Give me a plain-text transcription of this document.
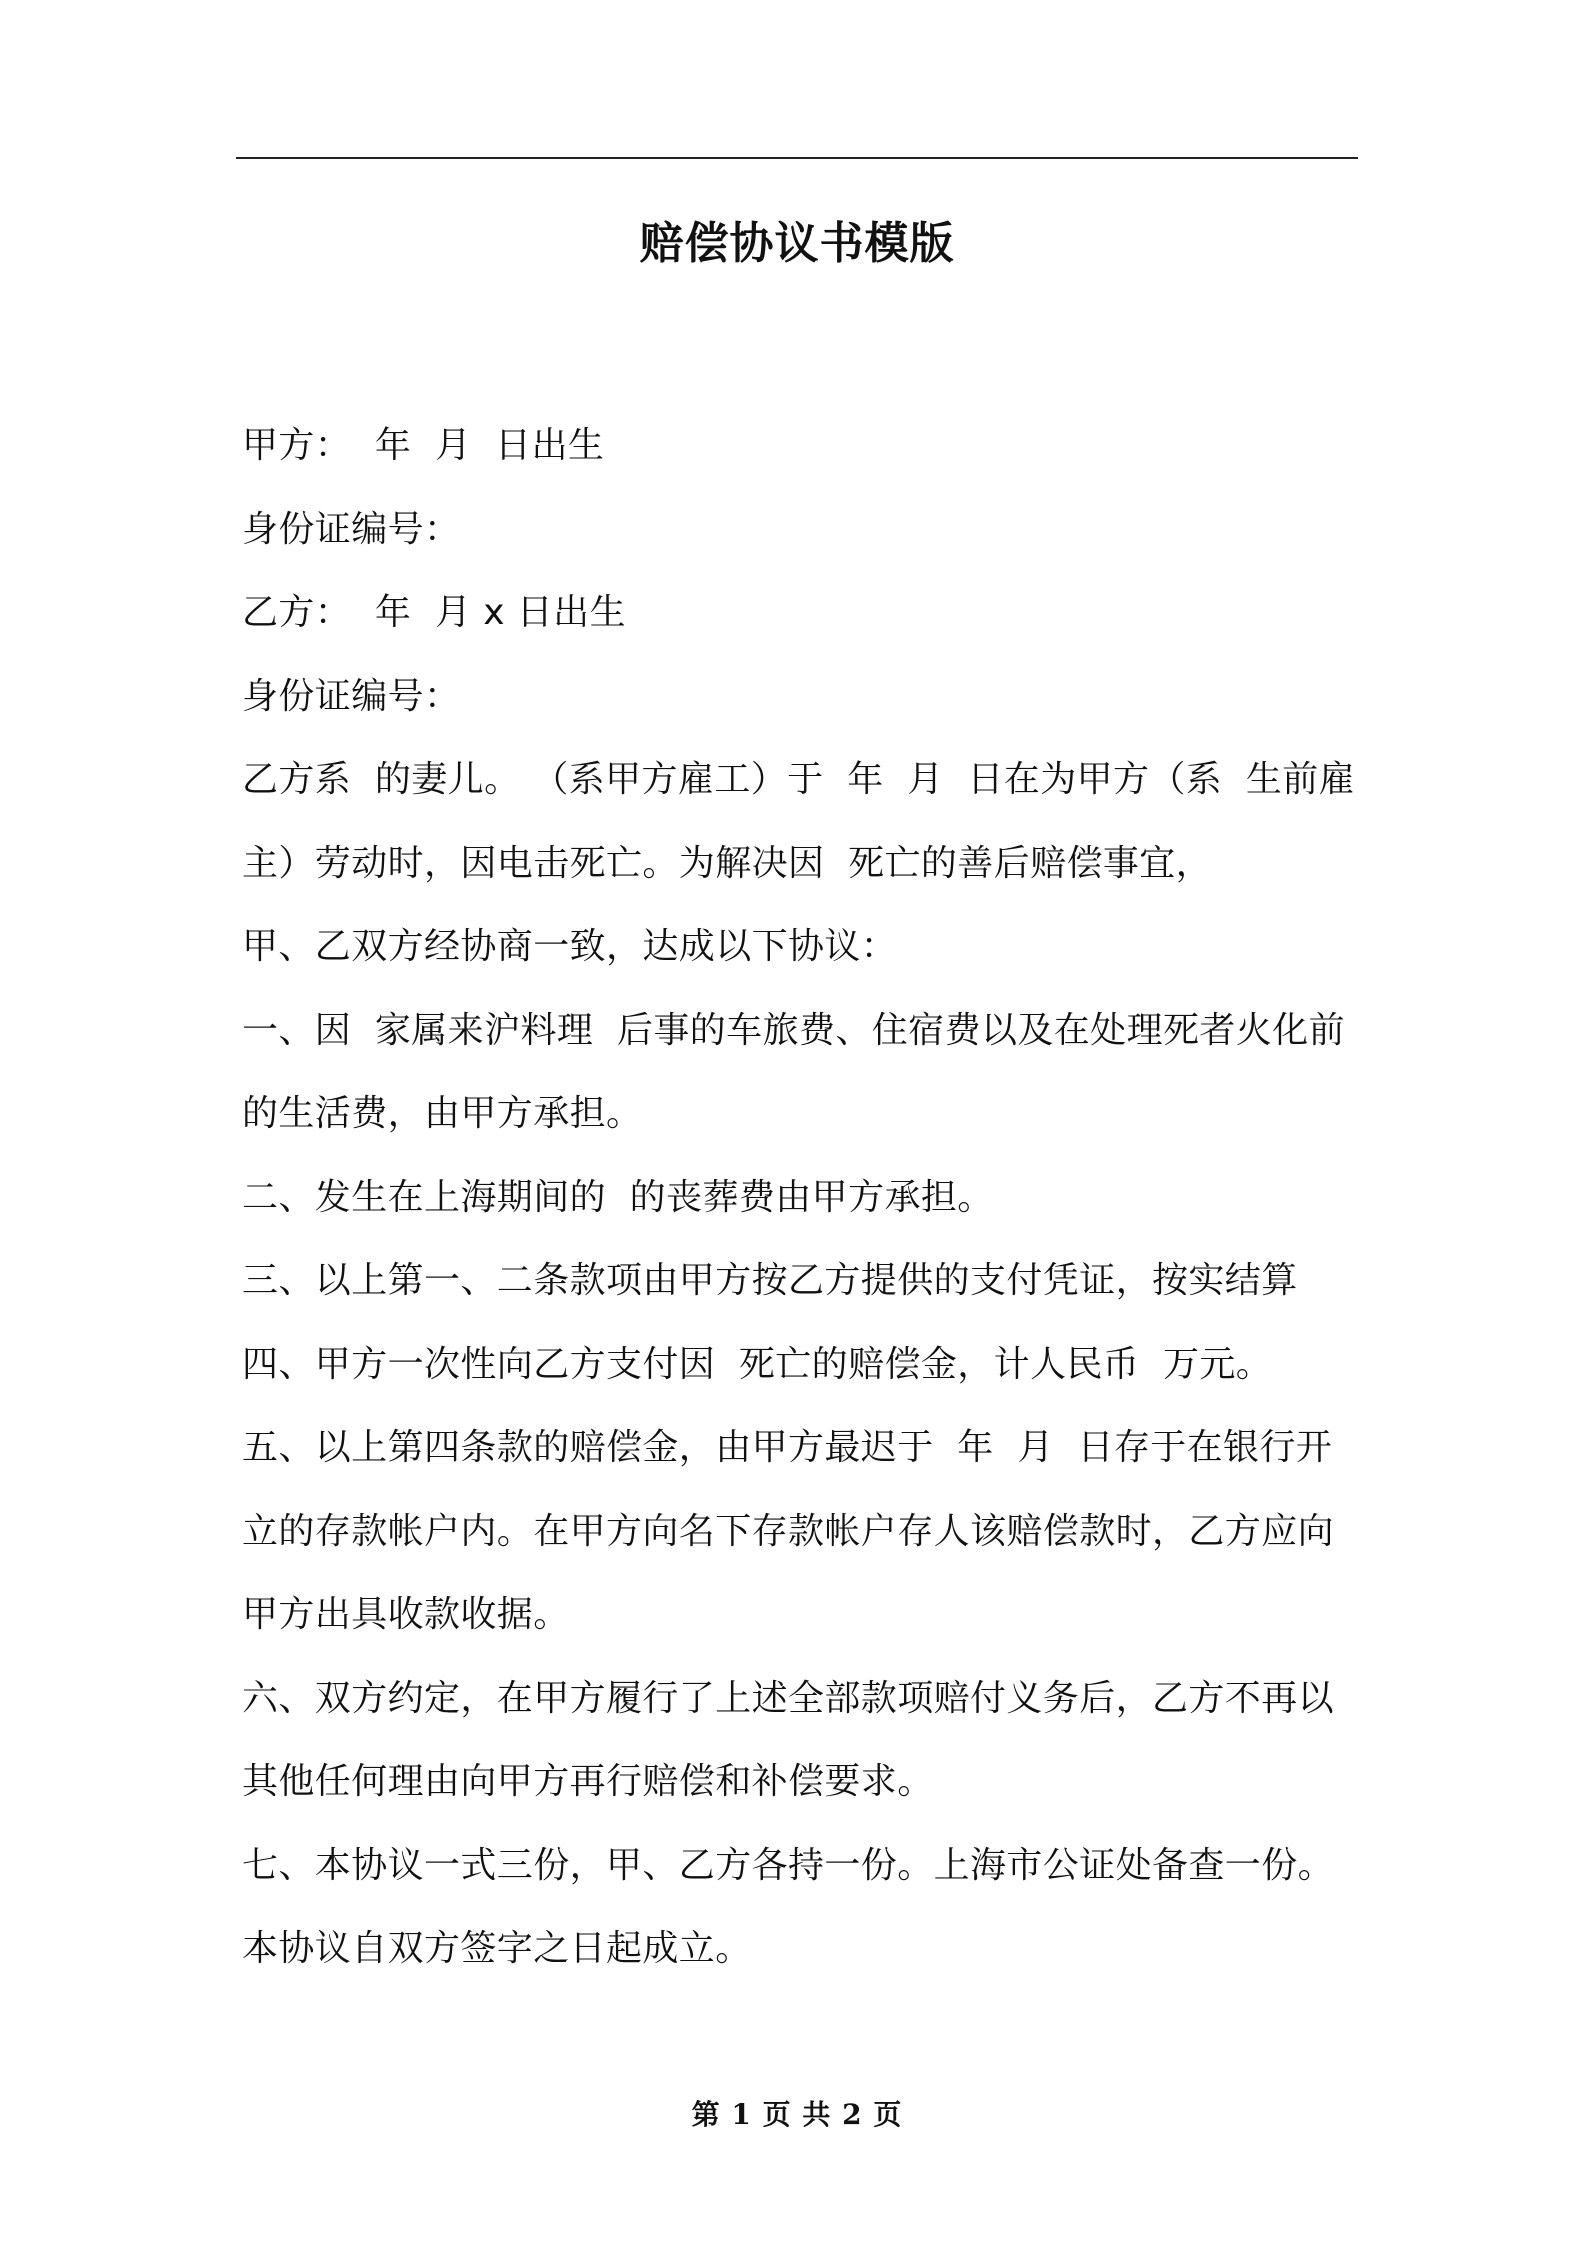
赔偿协议书模版

甲方：  年  月  日出生

身份证编号：

乙方：  年  月 x 日出生

身份证编号：

乙方系  的妻儿。 （系甲方雇工）于  年  月  日在为甲方（系  生前雇

主）劳动时，因电击死亡。为解决因  死亡的善后赔偿事宜，

甲、乙双方经协商一致，达成以下协议：

一、因  家属来沪料理  后事的车旅费、住宿费以及在处理死者火化前

的生活费，由甲方承担。

二、发生在上海期间的  的丧葬费由甲方承担。

三、以上第一、二条款项由甲方按乙方提供的支付凭证，按实结算

四、甲方一次性向乙方支付因  死亡的赔偿金，计人民币  万元。

五、以上第四条款的赔偿金，由甲方最迟于  年  月  日存于在银行开

立的存款帐户内。在甲方向名下存款帐户存人该赔偿款时，乙方应向

甲方出具收款收据。

六、双方约定，在甲方履行了上述全部款项赔付义务后，乙方不再以

其他任何理由向甲方再行赔偿和补偿要求。

七、本协议一式三份，甲、乙方各持一份。上海市公证处备查一份。

本协议自双方签字之日起成立。

第 1 页 共 2 页
